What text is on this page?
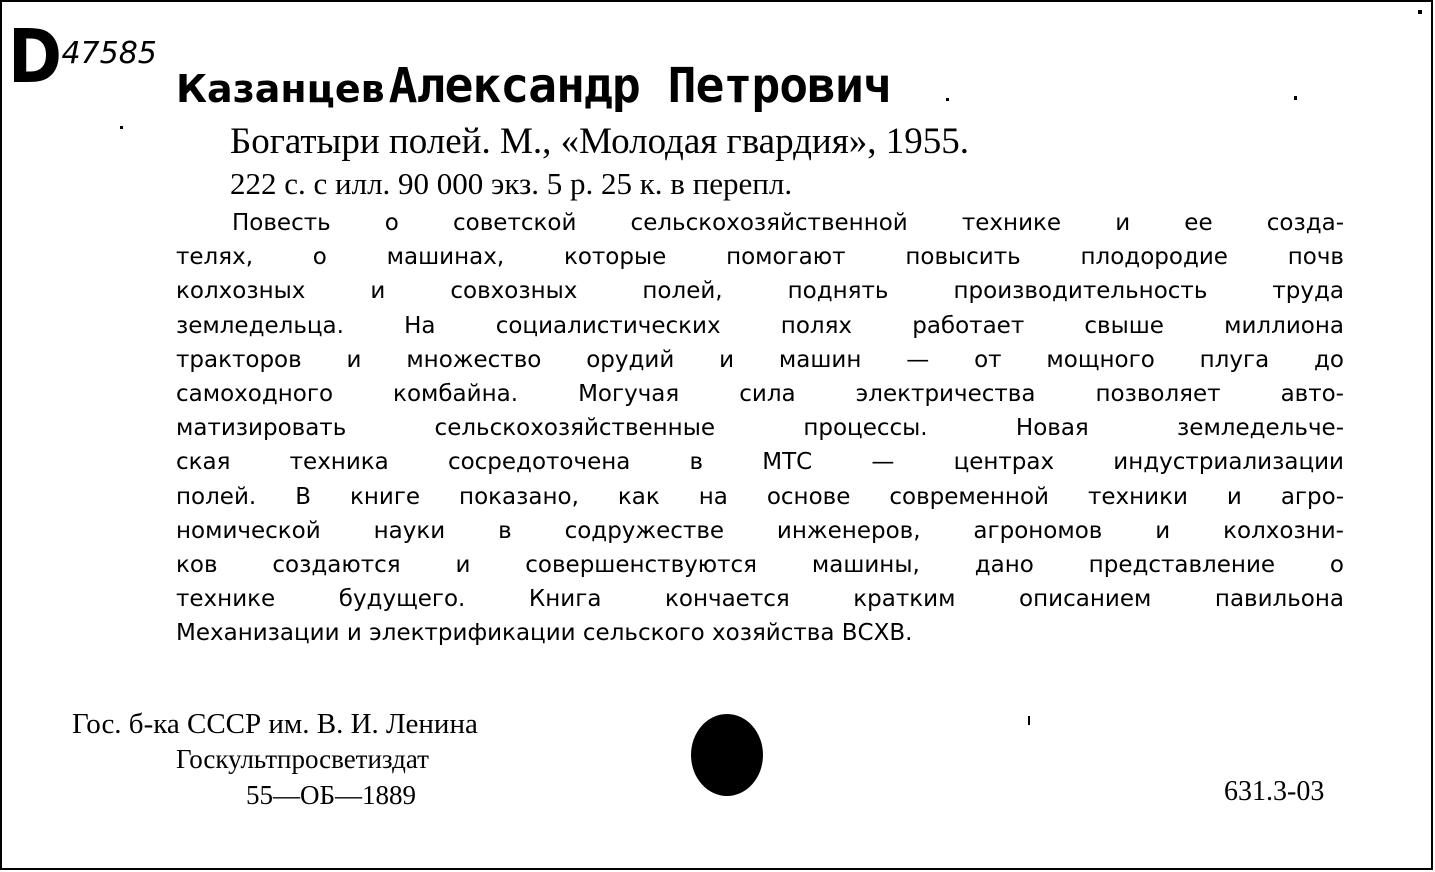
D 47585
Казанцев Александр Петрович
Богатыри полей. М., «Молодая гвардия», 1955.
222 с. с илл. 90 000 экз. 5 р. 25 к. в перепл.
Повесть о советской сельскохозяйственной технике и ее созда-
телях, о машинах, которые помогают повысить плодородие почв
колхозных и совхозных полей, поднять производительность труда
земледельца. На социалистических полях работает свыше миллиона
тракторов и множество орудий и машин — от мощного плуга до
самоходного комбайна. Могучая сила электричества позволяет авто-
матизировать сельскохозяйственные процессы. Новая земледельче-
ская техника сосредоточена в МТС — центрах индустриализации
полей. В книге показано, как на основе современной техники и агро-
номической науки в содружестве инженеров, агрономов и колхозни-
ков создаются и совершенствуются машины, дано представление о
технике будущего. Книга кончается кратким описанием павильона
Механизации и электрификации сельского хозяйства ВСХВ.
Гос. б-ка СССР им. В. И. Ленина
Госкультпросветиздат
55—ОБ—1889	631.3-03
